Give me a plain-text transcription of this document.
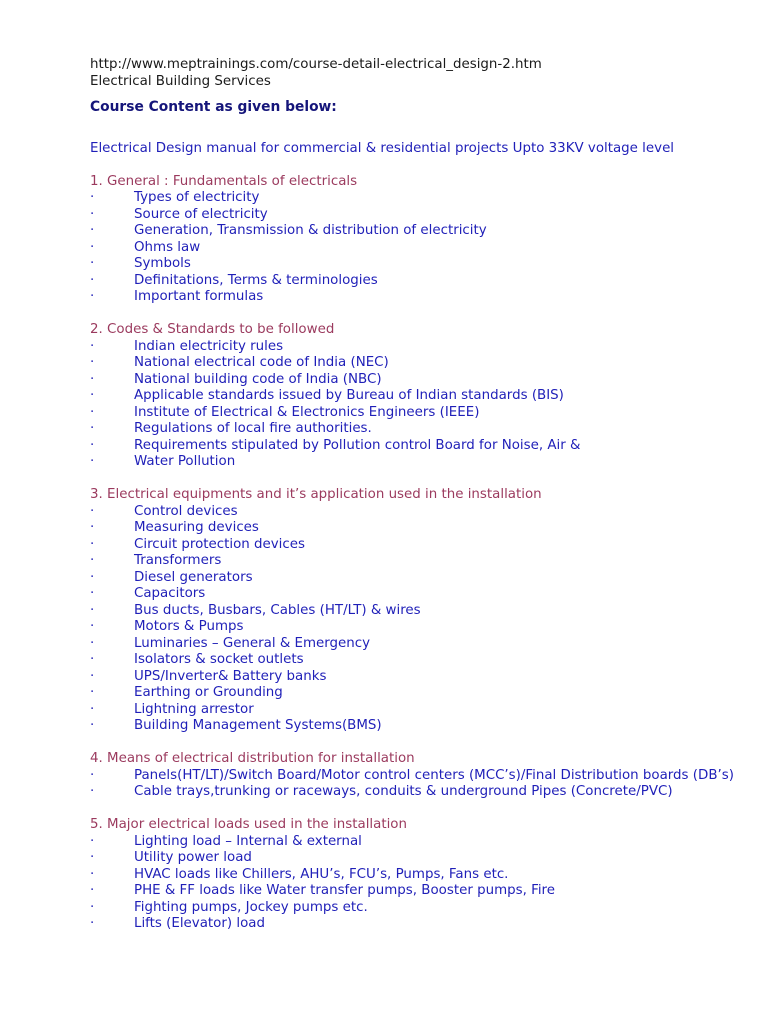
http://www.meptrainings.com/course-detail-electrical_design-2.htm
Electrical Building Services
Course Content as given below:
Electrical Design manual for commercial & residential projects Upto 33KV voltage level
1. General : Fundamentals of electricals
·	Types of electricity
·	Source of electricity
·	Generation, Transmission & distribution of electricity
·	Ohms law
·	Symbols
·	Definitations, Terms & terminologies
·	Important formulas
2. Codes & Standards to be followed
·	Indian electricity rules
·	National electrical code of India (NEC)
·	National building code of India (NBC)
·	Applicable standards issued by Bureau of Indian standards (BIS)
·	Institute of Electrical & Electronics Engineers (IEEE)
·	Regulations of local fire authorities.
·	Requirements stipulated by Pollution control Board for Noise, Air &
·	Water Pollution
3. Electrical equipments and it’s application used in the installation
·	Control devices
·	Measuring devices
·	Circuit protection devices
·	Transformers
·	Diesel generators
·	Capacitors
·	Bus ducts, Busbars, Cables (HT/LT) & wires
·	Motors & Pumps
·	Luminaries – General & Emergency
·	Isolators & socket outlets
·	UPS/Inverter& Battery banks
·	Earthing or Grounding
·	Lightning arrestor
·	Building Management Systems(BMS)
4. Means of electrical distribution for installation
·	Panels(HT/LT)/Switch Board/Motor control centers (MCC’s)/Final Distribution boards (DB’s)
·	Cable trays,trunking or raceways, conduits & underground Pipes (Concrete/PVC)
5. Major electrical loads used in the installation
·	Lighting load – Internal & external
·	Utility power load
·	HVAC loads like Chillers, AHU’s, FCU’s, Pumps, Fans etc.
·	PHE & FF loads like Water transfer pumps, Booster pumps, Fire
·	Fighting pumps, Jockey pumps etc.
·	Lifts (Elevator) load
